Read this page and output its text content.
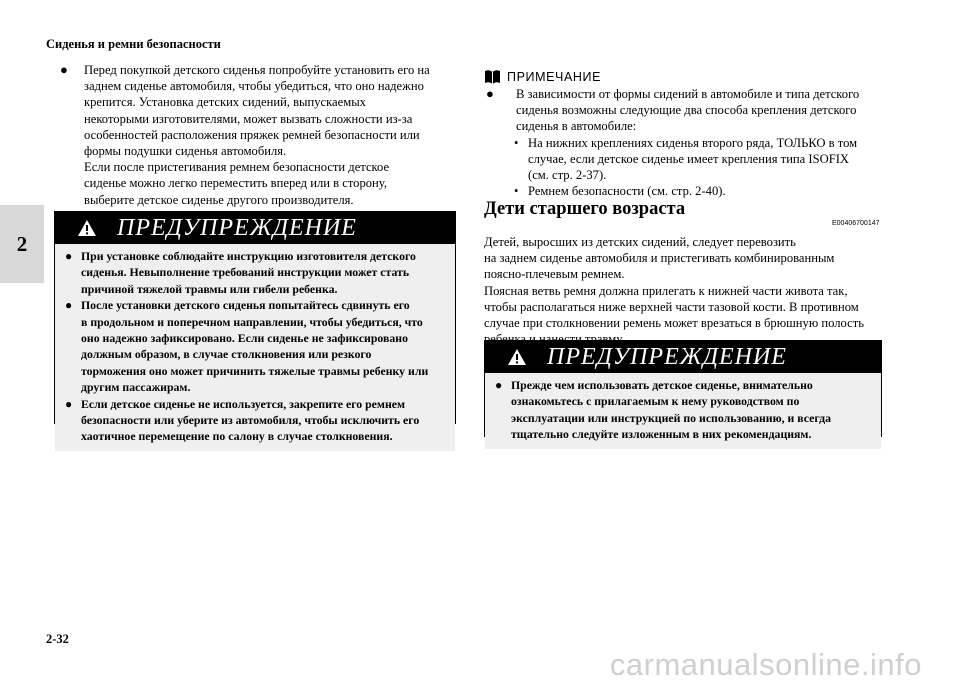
Сиденья и ремни безопасности
2
●	Перед покупкой детского сиденья попробуйте установить его на
заднем сиденье автомобиля, чтобы убедиться, что оно надежно
крепится. Установка детских сидений, выпускаемых
некоторыми изготовителями, может вызвать сложности из-за
особенностей расположения пряжек ремней безопасности или
формы подушки сиденья автомобиля.
Если после пристегивания ремнем безопасности детское
сиденье можно легко переместить вперед или в сторону,
выберите детское сиденье другого производителя.
ПРЕДУПРЕЖДЕНИЕ
● При установке соблюдайте инструкцию изготовителя детского
сиденья. Невыполнение требований инструкции может стать
причиной тяжелой травмы или гибели ребенка.
● После установки детского сиденья попытайтесь сдвинуть его
в продольном и поперечном направлении, чтобы убедиться, что
оно надежно зафиксировано. Если сиденье не зафиксировано
должным образом, в случае столкновения или резкого
торможения оно может причинить тяжелые травмы ребенку или
другим пассажирам.
● Если детское сиденье не используется, закрепите его ремнем
безопасности или уберите из автомобиля, чтобы исключить его
хаотичное перемещение по салону в случае столкновения.
ПРИМЕЧАНИЕ
●	В зависимости от формы сидений в автомобиле и типа детского
сиденья возможны следующие два способа крепления детского
сиденья в автомобиле:
• На нижних креплениях сиденья второго ряда, ТОЛЬКО в том
случае, если детское сиденье имеет крепления типа ISOFIX
(см. стр. 2-37).
• Ремнем безопасности (см. стр. 2-40).
Дети старшего возраста
E00406700147
Детей, выросших из детских сидений, следует перевозить
на заднем сиденье автомобиля и пристегивать комбинированным
поясно-плечевым ремнем.
Поясная ветвь ремня должна прилегать к нижней части живота так,
чтобы располагаться ниже верхней части тазовой кости. В противном
случае при столкновении ремень может врезаться в брюшную полость
ПРЕДУПРЕЖДЕНИЕ
● Прежде чем использовать детское сиденье, внимательно
ознакомьтесь с прилагаемым к нему руководством по
эксплуатации или инструкцией по использованию, и всегда
тщательно следуйте изложенным в них рекомендациям.
2-32
carmanualsonline.info
